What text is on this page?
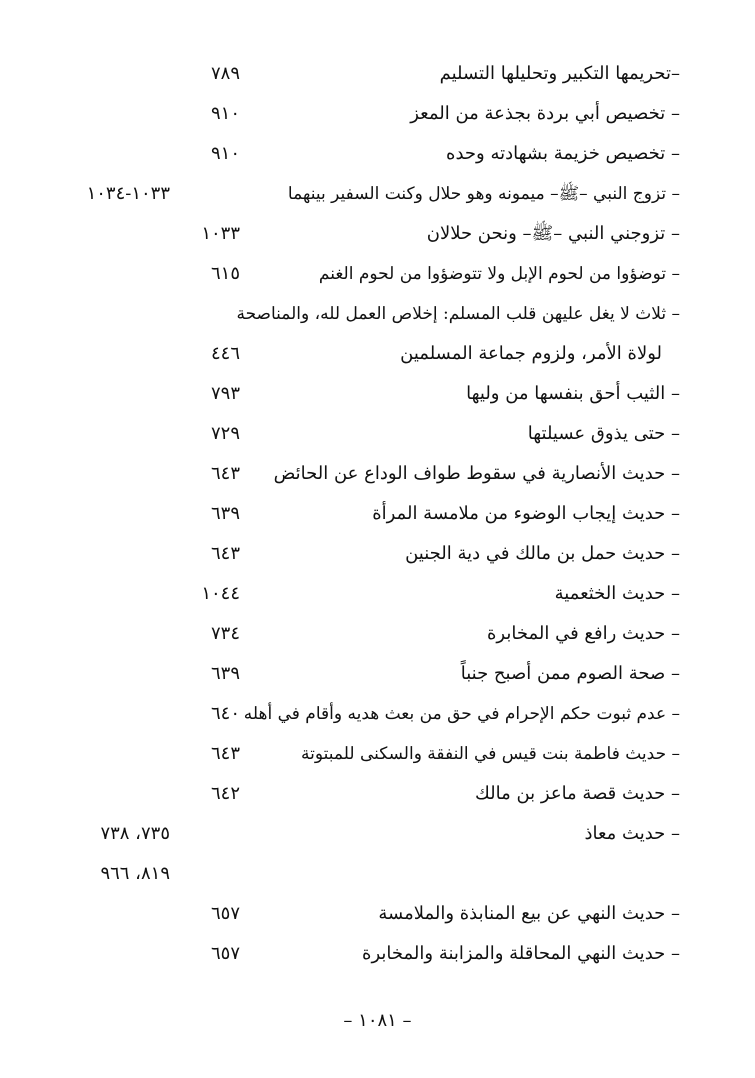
–تحريمها التكبير وتحليلها التسليم
٧٨٩
– تخصيص أبي بردة بجذعة من المعز
٩١٠
– تخصيص خزيمة بشهادته وحده
٩١٠
– تزوج النبي –ﷺ– ميمونه وهو حلال وكنت السفير بينهما
١٠٣٣-١٠٣٤
– تزوجني النبي –ﷺ– ونحن حلالان
١٠٣٣
– توضؤوا من لحوم الإبل ولا تتوضؤوا من لحوم الغنم
٦١٥
– ثلاث لا يغل عليهن قلب المسلم: إخلاص العمل لله، والمناصحة
لولاة الأمر، ولزوم جماعة المسلمين
٤٤٦
– الثيب أحق بنفسها من وليها
٧٩٣
– حتى يذوق عسيلتها
٧٢٩
– حديث الأنصارية في سقوط طواف الوداع عن الحائض
٦٤٣
– حديث إيجاب الوضوء من ملامسة المرأة
٦٣٩
– حديث حمل بن مالك في دية الجنين
٦٤٣
– حديث الخثعمية
١٠٤٤
– حديث رافع في المخابرة
٧٣٤
– صحة الصوم ممن أصبح جنباً
٦٣٩
– عدم ثبوت حكم الإحرام في حق من بعث هديه وأقام في أهله
٦٤٠
– حديث فاطمة بنت قيس في النفقة والسكنى للمبتوتة
٦٤٣
– حديث قصة ماعز بن مالك
٦٤٢
– حديث معاذ
٧٣٥، ٧٣٨
٨١٩، ٩٦٦
– حديث النهي عن بيع المنابذة والملامسة
٦٥٧
– حديث النهي المحاقلة والمزابنة والمخابرة
٦٥٧
– ١٠٨١ –
